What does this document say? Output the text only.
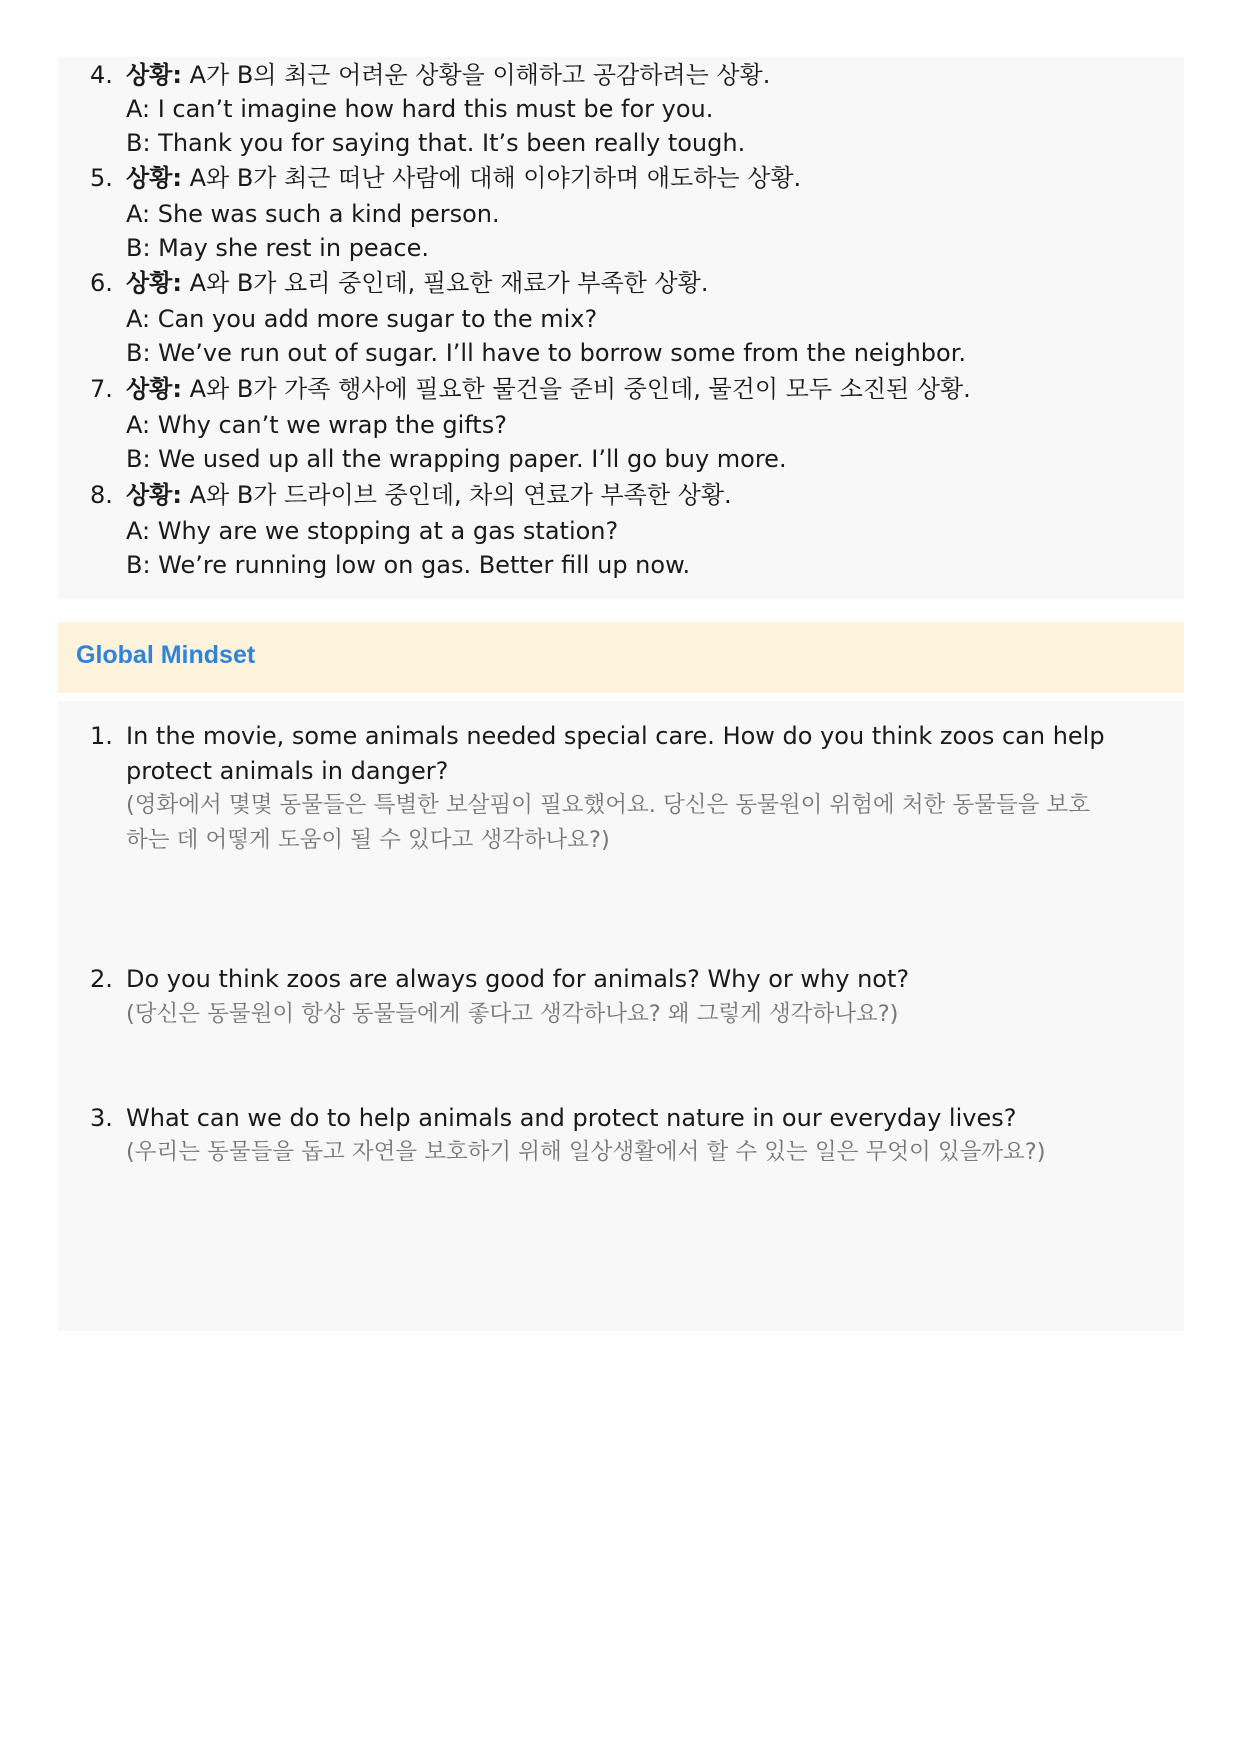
4. 상황: A가 B의 최근 어려운 상황을 이해하고 공감하려는 상황.
A: I can’t imagine how hard this must be for you.
B: Thank you for saying that. It’s been really tough.
5. 상황: A와 B가 최근 떠난 사람에 대해 이야기하며 애도하는 상황.
A: She was such a kind person.
B: May she rest in peace.
6. 상황: A와 B가 요리 중인데, 필요한 재료가 부족한 상황.
A: Can you add more sugar to the mix?
B: We’ve run out of sugar. I’ll have to borrow some from the neighbor.
7. 상황: A와 B가 가족 행사에 필요한 물건을 준비 중인데, 물건이 모두 소진된 상황.
A: Why can’t we wrap the gifts?
B: We used up all the wrapping paper. I’ll go buy more.
8. 상황: A와 B가 드라이브 중인데, 차의 연료가 부족한 상황.
A: Why are we stopping at a gas station?
B: We’re running low on gas. Better fill up now.
Global Mindset
1. In the movie, some animals needed special care. How do you think zoos can help
protect animals in danger?
(영화에서 몇몇 동물들은 특별한 보살핌이 필요했어요. 당신은 동물원이 위험에 처한 동물들을 보호
하는 데 어떻게 도움이 될 수 있다고 생각하나요?)
2. Do you think zoos are always good for animals? Why or why not?
(당신은 동물원이 항상 동물들에게 좋다고 생각하나요? 왜 그렇게 생각하나요?)
3. What can we do to help animals and protect nature in our everyday lives?
(우리는 동물들을 돕고 자연을 보호하기 위해 일상생활에서 할 수 있는 일은 무엇이 있을까요?)
